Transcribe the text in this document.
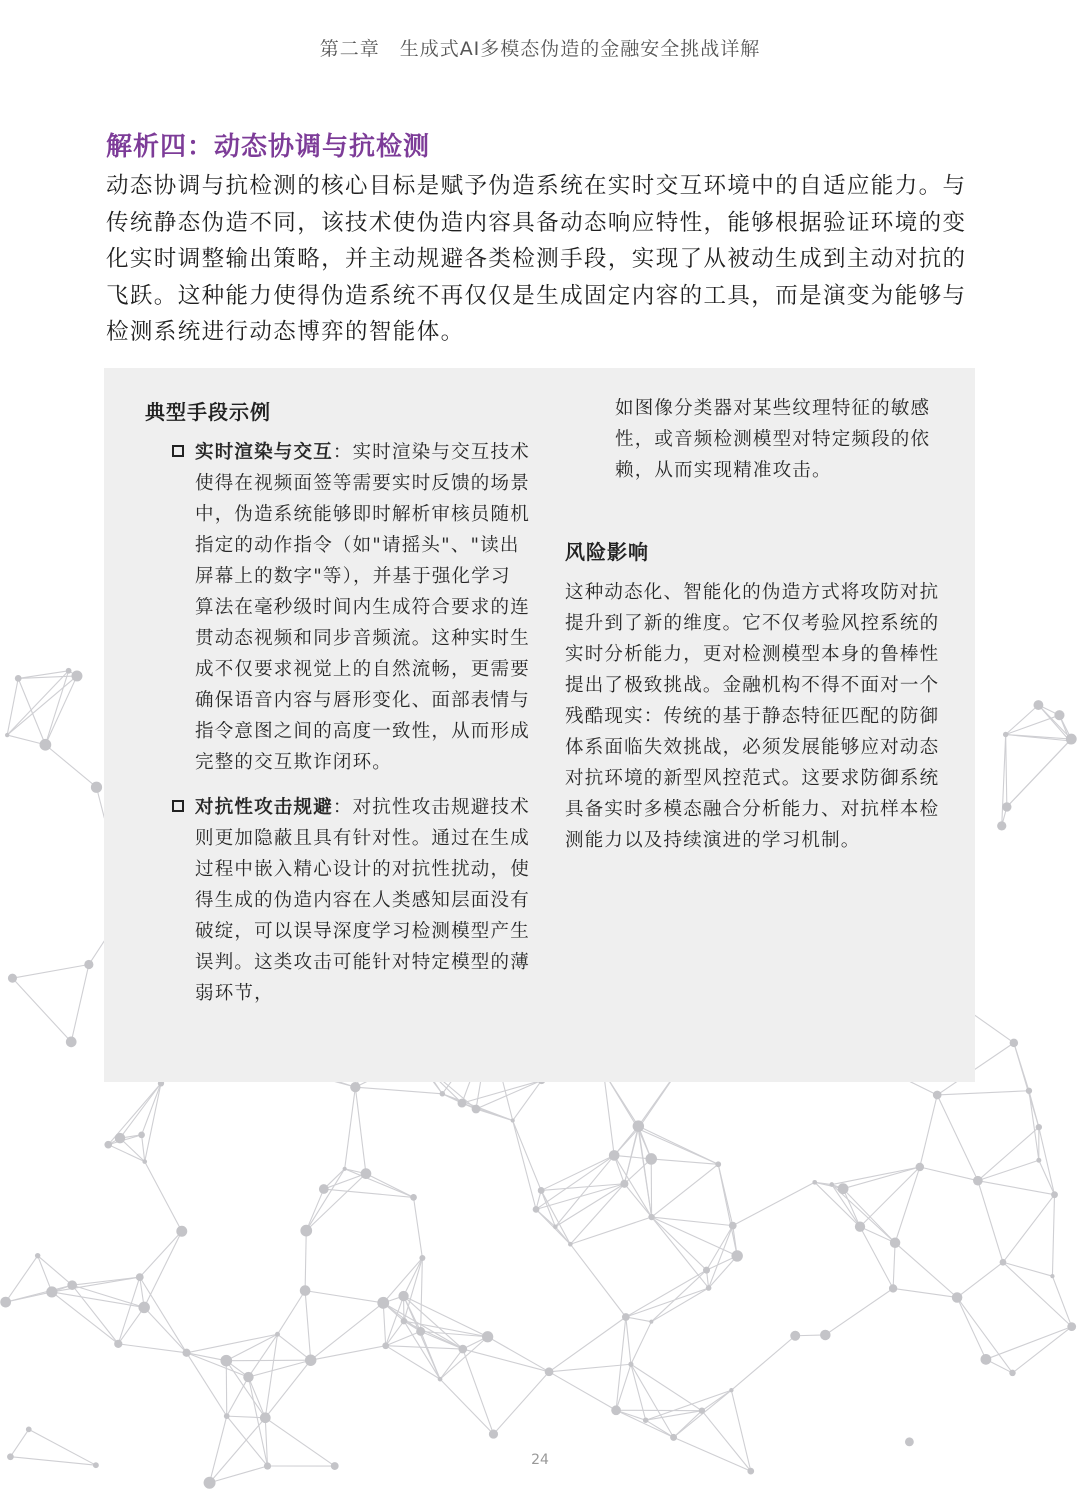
第二章　生成式AI多模态伪造的金融安全挑战详解
解析四：动态协调与抗检测

动态协调与抗检测的核心目标是赋予伪造系统在实时交互环境中的自适应能力。与传统静态伪造不同，该技术使伪造内容具备动态响应特性，能够根据验证环境的变化实时调整输出策略，并主动规避各类检测手段，实现了从被动生成到主动对抗的飞跃。这种能力使得伪造系统不再仅仅是生成固定内容的工具，而是演变为能够与检测系统进行动态博弈的智能体。

典型手段示例

实时渲染与交互：实时渲染与交互技术使得在视频面签等需要实时反馈的场景中，伪造系统能够即时解析审核员随机指定的动作指令（如"请摇头"、"读出屏幕上的数字"等），并基于强化学习算法在毫秒级时间内生成符合要求的连贯动态视频和同步音频流。这种实时生成不仅要求视觉上的自然流畅，更需要确保语音内容与唇形变化、面部表情与指令意图之间的高度一致性，从而形成完整的交互欺诈闭环。

对抗性攻击规避：对抗性攻击规避技术则更加隐蔽且具有针对性。通过在生成过程中嵌入精心设计的对抗性扰动，使得生成的伪造内容在人类感知层面没有破绽，可以误导深度学习检测模型产生误判。这类攻击可能针对特定模型的薄弱环节，

如图像分类器对某些纹理特征的敏感性，或音频检测模型对特定频段的依赖，从而实现精准攻击。

风险影响

这种动态化、智能化的伪造方式将攻防对抗提升到了新的维度。它不仅考验风控系统的实时分析能力，更对检测模型本身的鲁棒性提出了极致挑战。金融机构不得不面对一个残酷现实：传统的基于静态特征匹配的防御体系面临失效挑战，必须发展能够应对动态对抗环境的新型风控范式。这要求防御系统具备实时多模态融合分析能力、对抗样本检测能力以及持续演进的学习机制。

24
